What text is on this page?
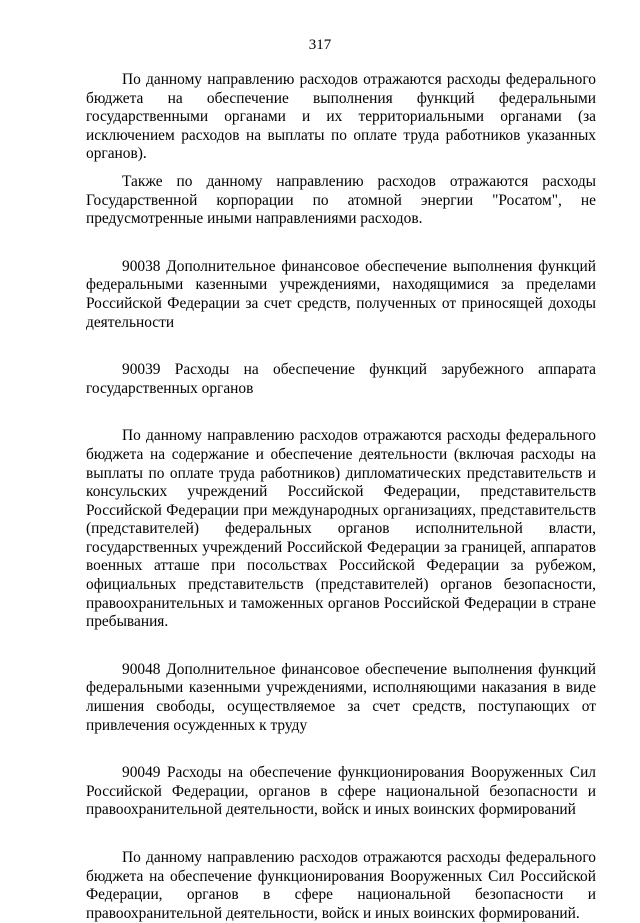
317

По данному направлению расходов отражаются расходы федерального бюджета на обеспечение выполнения функций федеральными государственными органами и их территориальными органами (за исключением расходов на выплаты по оплате труда работников указанных органов).

Также по данному направлению расходов отражаются расходы Государственной корпорации по атомной энергии "Росатом", не предусмотренные иными направлениями расходов.

90038 Дополнительное финансовое обеспечение выполнения функций федеральными казенными учреждениями, находящимися за пределами Российской Федерации за счет средств, полученных от приносящей доходы деятельности

90039 Расходы на обеспечение функций зарубежного аппарата государственных органов

По данному направлению расходов отражаются расходы федерального бюджета на содержание и обеспечение деятельности (включая расходы на выплаты по оплате труда работников) дипломатических представительств и консульских учреждений Российской Федерации, представительств Российской Федерации при международных организациях, представительств (представителей) федеральных органов исполнительной власти, государственных учреждений Российской Федерации за границей, аппаратов военных атташе при посольствах Российской Федерации за рубежом, официальных представительств (представителей) органов безопасности, правоохранительных и таможенных органов Российской Федерации в стране пребывания.

90048 Дополнительное финансовое обеспечение выполнения функций федеральными казенными учреждениями, исполняющими наказания в виде лишения свободы, осуществляемое за счет средств, поступающих от привлечения осужденных к труду

90049 Расходы на обеспечение функционирования Вооруженных Сил Российской Федерации, органов в сфере национальной безопасности и правоохранительной деятельности, войск и иных воинских формирований

По данному направлению расходов отражаются расходы федерального бюджета на обеспечение функционирования Вооруженных Сил Российской Федерации, органов в сфере национальной безопасности и правоохранительной деятельности, войск и иных воинских формирований.
